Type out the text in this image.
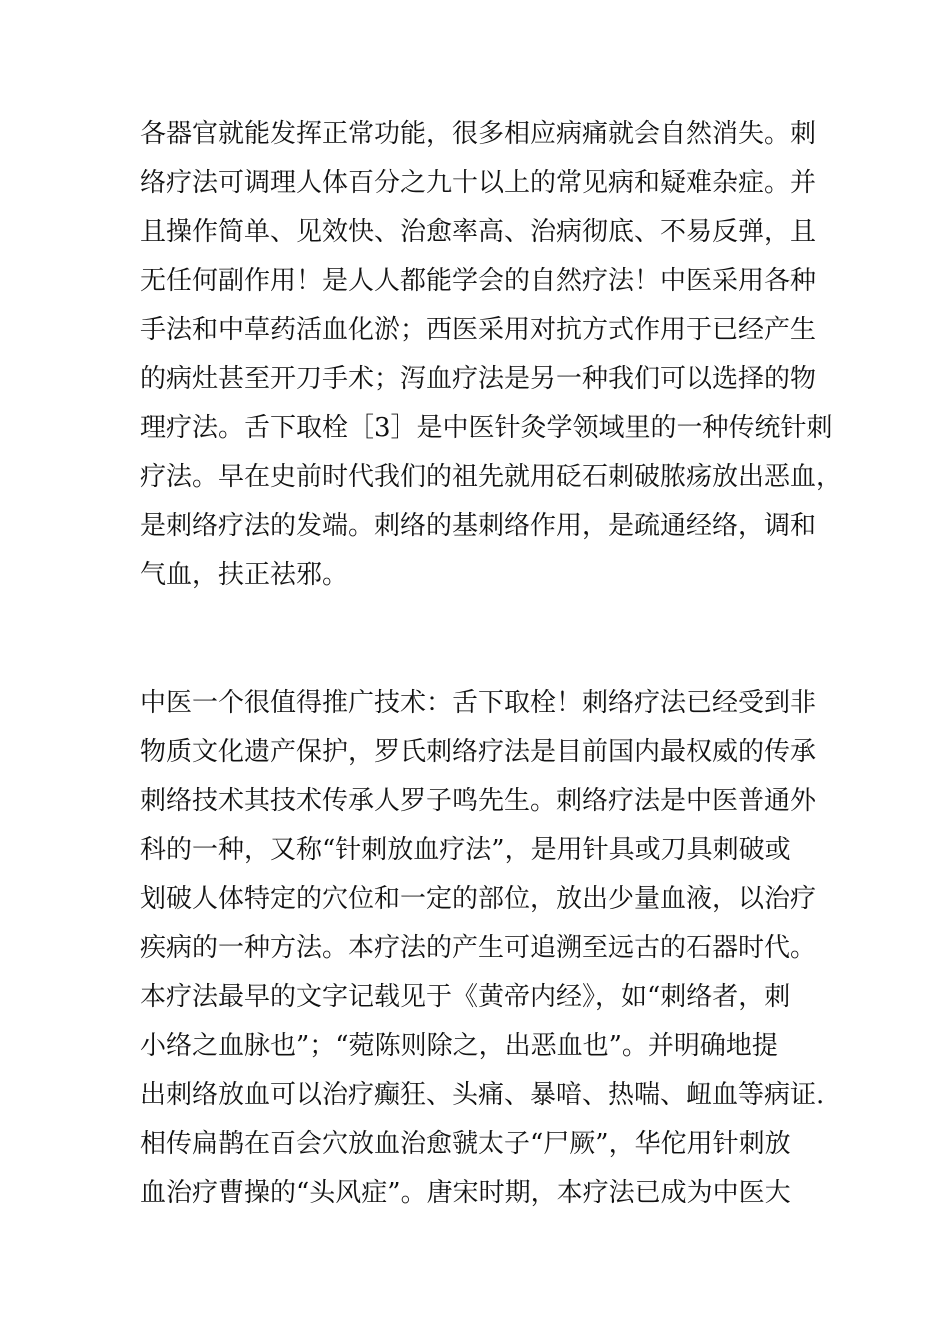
各器官就能发挥正常功能，很多相应病痛就会自然消失。刺
络疗法可调理人体百分之九十以上的常见病和疑难杂症。并
且操作简单、见效快、治愈率高、治病彻底、不易反弹，且
无任何副作用！是人人都能学会的自然疗法！中医采用各种
手法和中草药活血化淤；西医采用对抗方式作用于已经产生
的病灶甚至开刀手术；泻血疗法是另一种我们可以选择的物
理疗法。舌下取栓［3］是中医针灸学领域里的一种传统针刺
疗法。早在史前时代我们的祖先就用砭石刺破脓疡放出恶血，
是刺络疗法的发端。刺络的基刺络作用，是疏通经络，调和
气血，扶正祛邪。
中医一个很值得推广技术：舌下取栓！刺络疗法已经受到非
物质文化遗产保护，罗氏刺络疗法是目前国内最权威的传承
刺络技术其技术传承人罗子鸣先生。刺络疗法是中医普通外
科的一种，又称“针刺放血疗法”，是用针具或刀具刺破或
划破人体特定的穴位和一定的部位，放出少量血液，以治疗
疾病的一种方法。本疗法的产生可追溯至远古的石器时代。
本疗法最早的文字记载见于《黄帝内经》，如“刺络者，刺
小络之血脉也”；“菀陈则除之，出恶血也”。并明确地提
出刺络放血可以治疗癫狂、头痛、暴喑、热喘、衄血等病证.
相传扁鹊在百会穴放血治愈虢太子“尸厥”，华佗用针刺放
血治疗曹操的“头风症”。唐宋时期，本疗法已成为中医大
